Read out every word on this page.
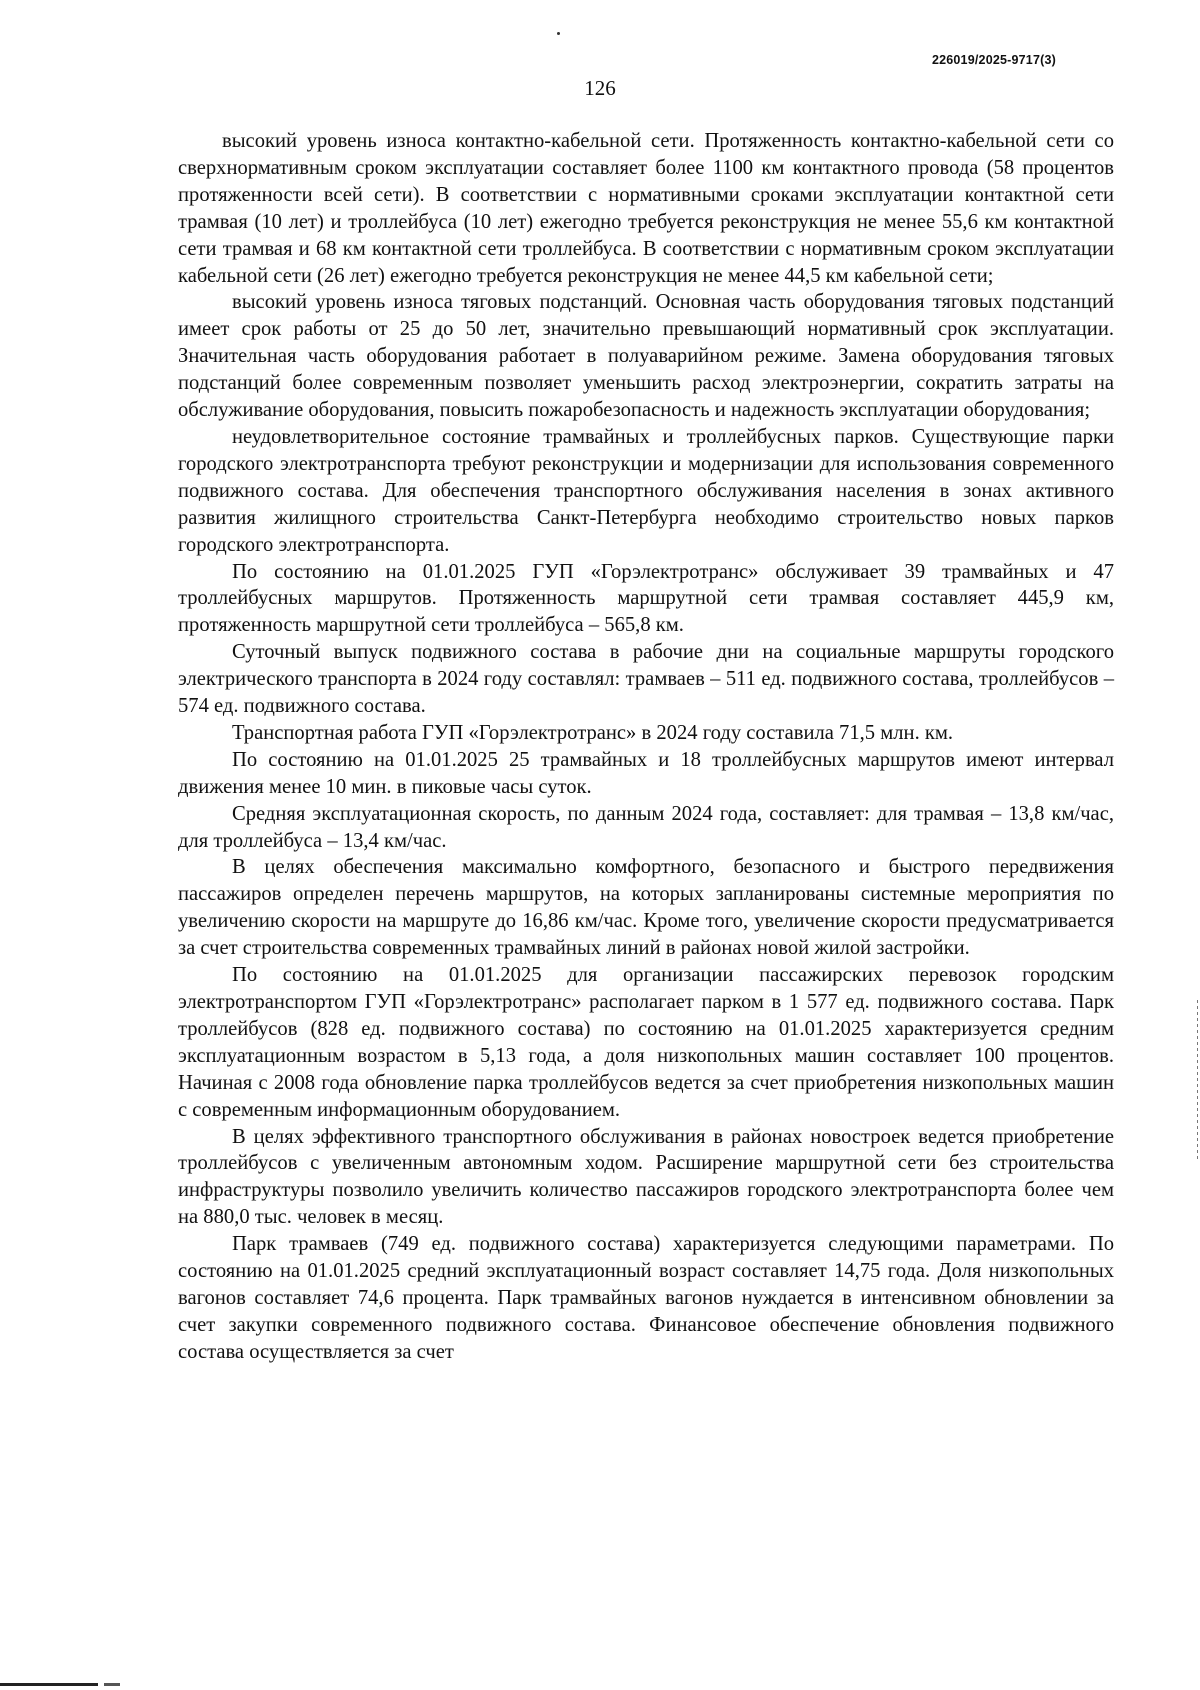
226019/2025-9717(3)
126

высокий уровень износа контактно-кабельной сети. Протяженность контактно-кабельной сети со сверхнормативным сроком эксплуатации составляет более 1100 км контактного провода (58 процентов протяженности всей сети). В соответствии с нормативными сроками эксплуатации контактной сети трамвая (10 лет) и троллейбуса (10 лет) ежегодно требуется реконструкция не менее 55,6 км контактной сети трамвая и 68 км контактной сети троллейбуса. В соответствии с нормативным сроком эксплуатации кабельной сети (26 лет) ежегодно требуется реконструкция не менее 44,5 км кабельной сети;

высокий уровень износа тяговых подстанций. Основная часть оборудования тяговых подстанций имеет срок работы от 25 до 50 лет, значительно превышающий нормативный срок эксплуатации. Значительная часть оборудования работает в полуаварийном режиме. Замена оборудования тяговых подстанций более современным позволяет уменьшить расход электроэнергии, сократить затраты на обслуживание оборудования, повысить пожаробезопасность и надежность эксплуатации оборудования;

неудовлетворительное состояние трамвайных и троллейбусных парков. Существующие парки городского электротранспорта требуют реконструкции и модернизации для использования современного подвижного состава. Для обеспечения транспортного обслуживания населения в зонах активного развития жилищного строительства Санкт-Петербурга необходимо строительство новых парков городского электротранспорта.

По состоянию на 01.01.2025 ГУП «Горэлектротранс» обслуживает 39 трамвайных и 47 троллейбусных маршрутов. Протяженность маршрутной сети трамвая составляет 445,9 км, протяженность маршрутной сети троллейбуса – 565,8 км.

Суточный выпуск подвижного состава в рабочие дни на социальные маршруты городского электрического транспорта в 2024 году составлял: трамваев – 511 ед. подвижного состава, троллейбусов – 574 ед. подвижного состава.

Транспортная работа ГУП «Горэлектротранс» в 2024 году составила 71,5 млн. км.

По состоянию на 01.01.2025 25 трамвайных и 18 троллейбусных маршрутов имеют интервал движения менее 10 мин. в пиковые часы суток.

Средняя эксплуатационная скорость, по данным 2024 года, составляет: для трамвая – 13,8 км/час, для троллейбуса – 13,4 км/час.

В целях обеспечения максимально комфортного, безопасного и быстрого передвижения пассажиров определен перечень маршрутов, на которых запланированы системные мероприятия по увеличению скорости на маршруте до 16,86 км/час. Кроме того, увеличение скорости предусматривается за счет строительства современных трамвайных линий в районах новой жилой застройки.

По состоянию на 01.01.2025 для организации пассажирских перевозок городским электротранспортом ГУП «Горэлектротранс» располагает парком в 1 577 ед. подвижного состава. Парк троллейбусов (828 ед. подвижного состава) по состоянию на 01.01.2025 характеризуется средним эксплуатационным возрастом в 5,13 года, а доля низкопольных машин составляет 100 процентов. Начиная с 2008 года обновление парка троллейбусов ведется за счет приобретения низкопольных машин с современным информационным оборудованием.

В целях эффективного транспортного обслуживания в районах новостроек ведется приобретение троллейбусов с увеличенным автономным ходом. Расширение маршрутной сети без строительства инфраструктуры позволило увеличить количество пассажиров городского электротранспорта более чем на 880,0 тыс. человек в месяц.

Парк трамваев (749 ед. подвижного состава) характеризуется следующими параметрами. По состоянию на 01.01.2025 средний эксплуатационный возраст составляет 14,75 года. Доля низкопольных вагонов составляет 74,6 процента. Парк трамвайных вагонов нуждается в интенсивном обновлении за счет закупки современного подвижного состава. Финансовое обеспечение обновления подвижного состава осуществляется за счет
